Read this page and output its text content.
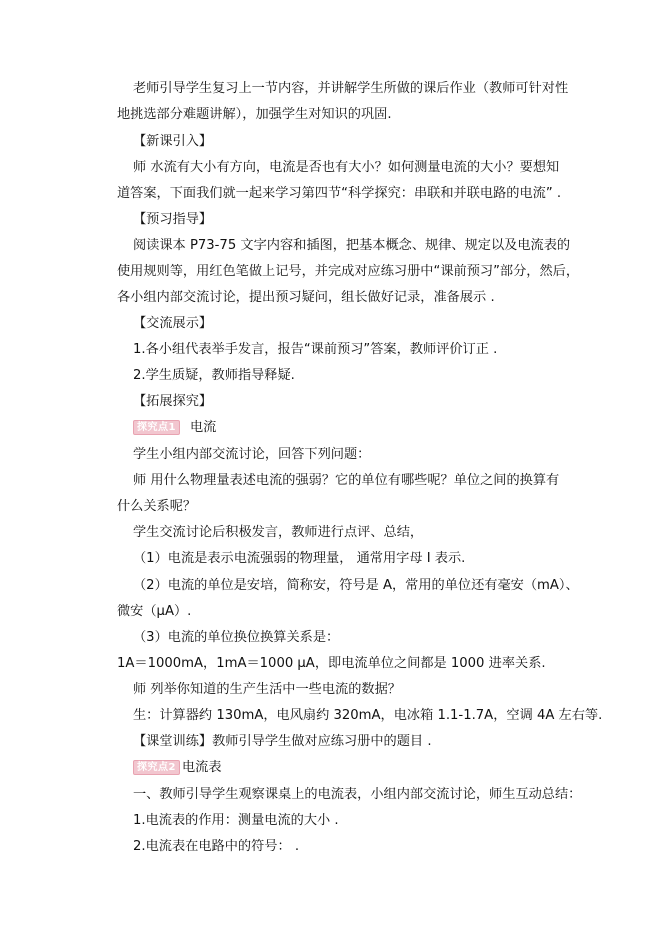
老师引导学生复习上一节内容，并讲解学生所做的课后作业（教师可针对性
地挑选部分难题讲解），加强学生对知识的巩固.
【新课引入】
师 水流有大小有方向，电流是否也有大小？如何测量电流的大小？要想知
道答案，下面我们就一起来学习第四节“科学探究：串联和并联电路的电流” .
【预习指导】
阅读课本 P73-75 文字内容和插图，把基本概念、规律、规定以及电流表的
使用规则等，用红色笔做上记号，并完成对应练习册中“课前预习”部分，然后，
各小组内部交流讨论，提出预习疑问，组长做好记录，准备展示 .
【交流展示】
1.各小组代表举手发言，报告“课前预习”答案，教师评价订正 .
2.学生质疑，教师指导释疑.
【拓展探究】
探究点1 电流
学生小组内部交流讨论，回答下列问题：
师 用什么物理量表述电流的强弱？它的单位有哪些呢？单位之间的换算有
什么关系呢？
学生交流讨论后积极发言，教师进行点评、总结，
（1）电流是表示电流强弱的物理量， 通常用字母 I 表示.
（2）电流的单位是安培，简称安，符号是 A，常用的单位还有毫安（mA）、
微安（μA）.
（3）电流的单位换位换算关系是：
1A＝1000mA，1mA＝1000 μA，即电流单位之间都是 1000 进率关系.
师 列举你知道的生产生活中一些电流的数据？
生：计算器约 130mA，电风扇约 320mA，电冰箱 1.1-1.7A，空调 4A 左右等.
【课堂训练】教师引导学生做对应练习册中的题目 .
探究点2 电流表
一、教师引导学生观察课桌上的电流表，小组内部交流讨论，师生互动总结：
1.电流表的作用：测量电流的大小 .
2.电流表在电路中的符号： .
